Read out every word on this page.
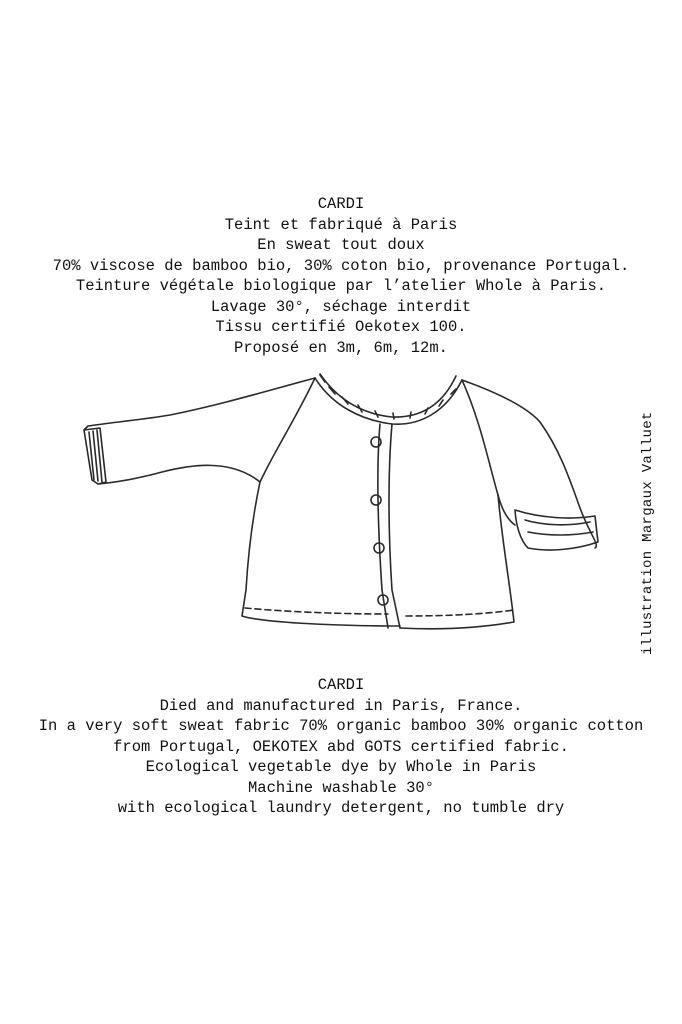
CARDI
Teint et fabriqué à Paris
En sweat tout doux
70% viscose de bamboo bio, 30% coton bio, provenance Portugal.
Teinture végétale biologique par l’atelier Whole à Paris.
Lavage 30°, séchage interdit
Tissu certifié Oekotex 100.
Proposé en 3m, 6m, 12m.
illustration Margaux Valluet
CARDI
Died and manufactured in Paris, France.
In a very soft sweat fabric 70% organic bamboo 30% organic cotton
from Portugal, OEKOTEX abd GOTS certified fabric.
Ecological vegetable dye by Whole in Paris
Machine washable 30°
with ecological laundry detergent, no tumble dry
